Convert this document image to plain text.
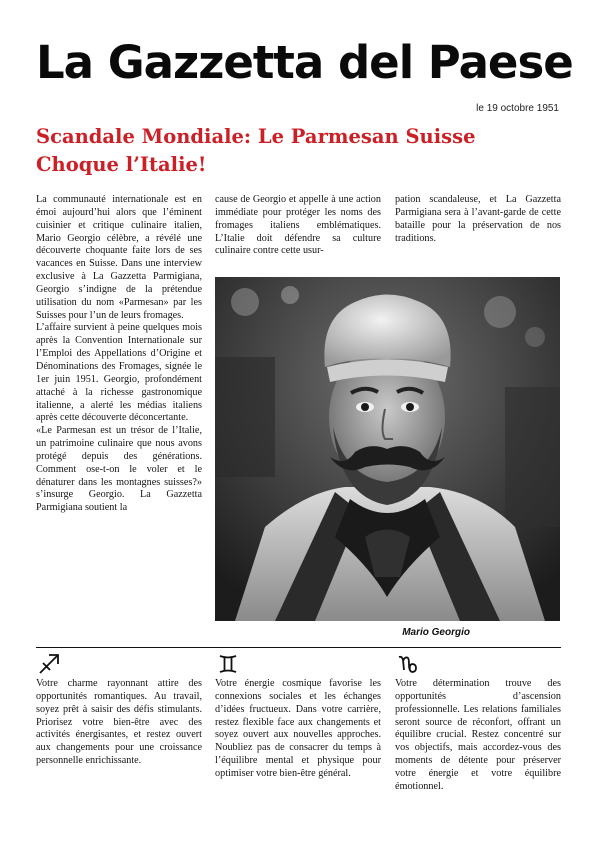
La Gazzetta del Paese
le 19 octobre 1951
Scandale Mondiale: Le Parmesan Suisse Choque l’Italie!

La communauté internationale est en émoi aujourd’hui alors que l’éminent cuisinier et critique culinaire italien, Mario Georgio célèbre, a révélé une découverte choquante faite lors de ses vacances en Suisse. Dans une interview exclusive à La Gazzetta Parmigiana, Georgio s’indigne de la prétendue utilisation du nom «Parmesan» par les Suisses pour l’un de leurs fromages.

L’affaire survient à peine quelques mois après la Convention Internationale sur l’Emploi des Appellations d’Origine et Dénominations des Fromages, signée le 1er juin 1951. Georgio, profondément attaché à la richesse gastronomique italienne, a alerté les médias italiens après cette découverte déconcertante.

«Le Parmesan est un trésor de l’Italie, un patrimoine culinaire que nous avons protégé depuis des générations. Comment ose-t-on le voler et le dénaturer dans les montagnes suisses?» s’insurge Georgio. La Gazzetta Parmigiana soutient la

cause de Georgio et appelle à une action immédiate pour protéger les noms des fromages italiens emblématiques. L’Italie doit défendre sa culture culinaire contre cette usur-

pation scandaleuse, et La Gazzetta Parmigiana sera à l’avant-garde de cette bataille pour la préservation de nos traditions.

Mario Georgio
Votre charme rayonnant attire des opportunités romantiques. Au travail, soyez prêt à saisir des défis stimulants. Priorisez votre bien-être avec des activités énergisantes, et restez ouvert aux changements pour une croissance personnelle enrichissante.
Votre énergie cosmique favorise les connexions sociales et les échanges d’idées fructueux. Dans votre carrière, restez flexible face aux changements et soyez ouvert aux nouvelles approches. Noubliez pas de consacrer du temps à l’équilibre mental et physique pour optimiser votre bien-être général.
Votre détermination trouve des opportunités d’ascension professionnelle. Les relations familiales seront source de réconfort, offrant un équilibre crucial. Restez concentré sur vos objectifs, mais accordez-vous des moments de détente pour préserver votre énergie et votre équilibre émotionnel.
